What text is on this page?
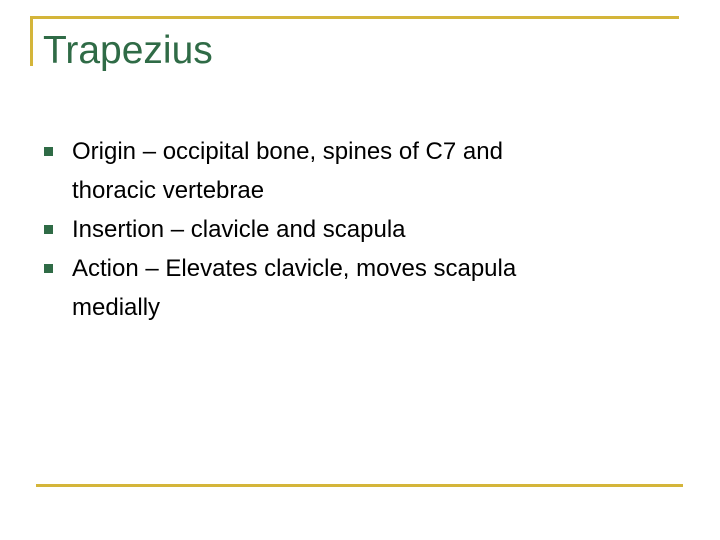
Trapezius
Origin – occipital bone, spines of C7 and
thoracic vertebrae
Insertion – clavicle and scapula
Action – Elevates clavicle, moves scapula
medially
